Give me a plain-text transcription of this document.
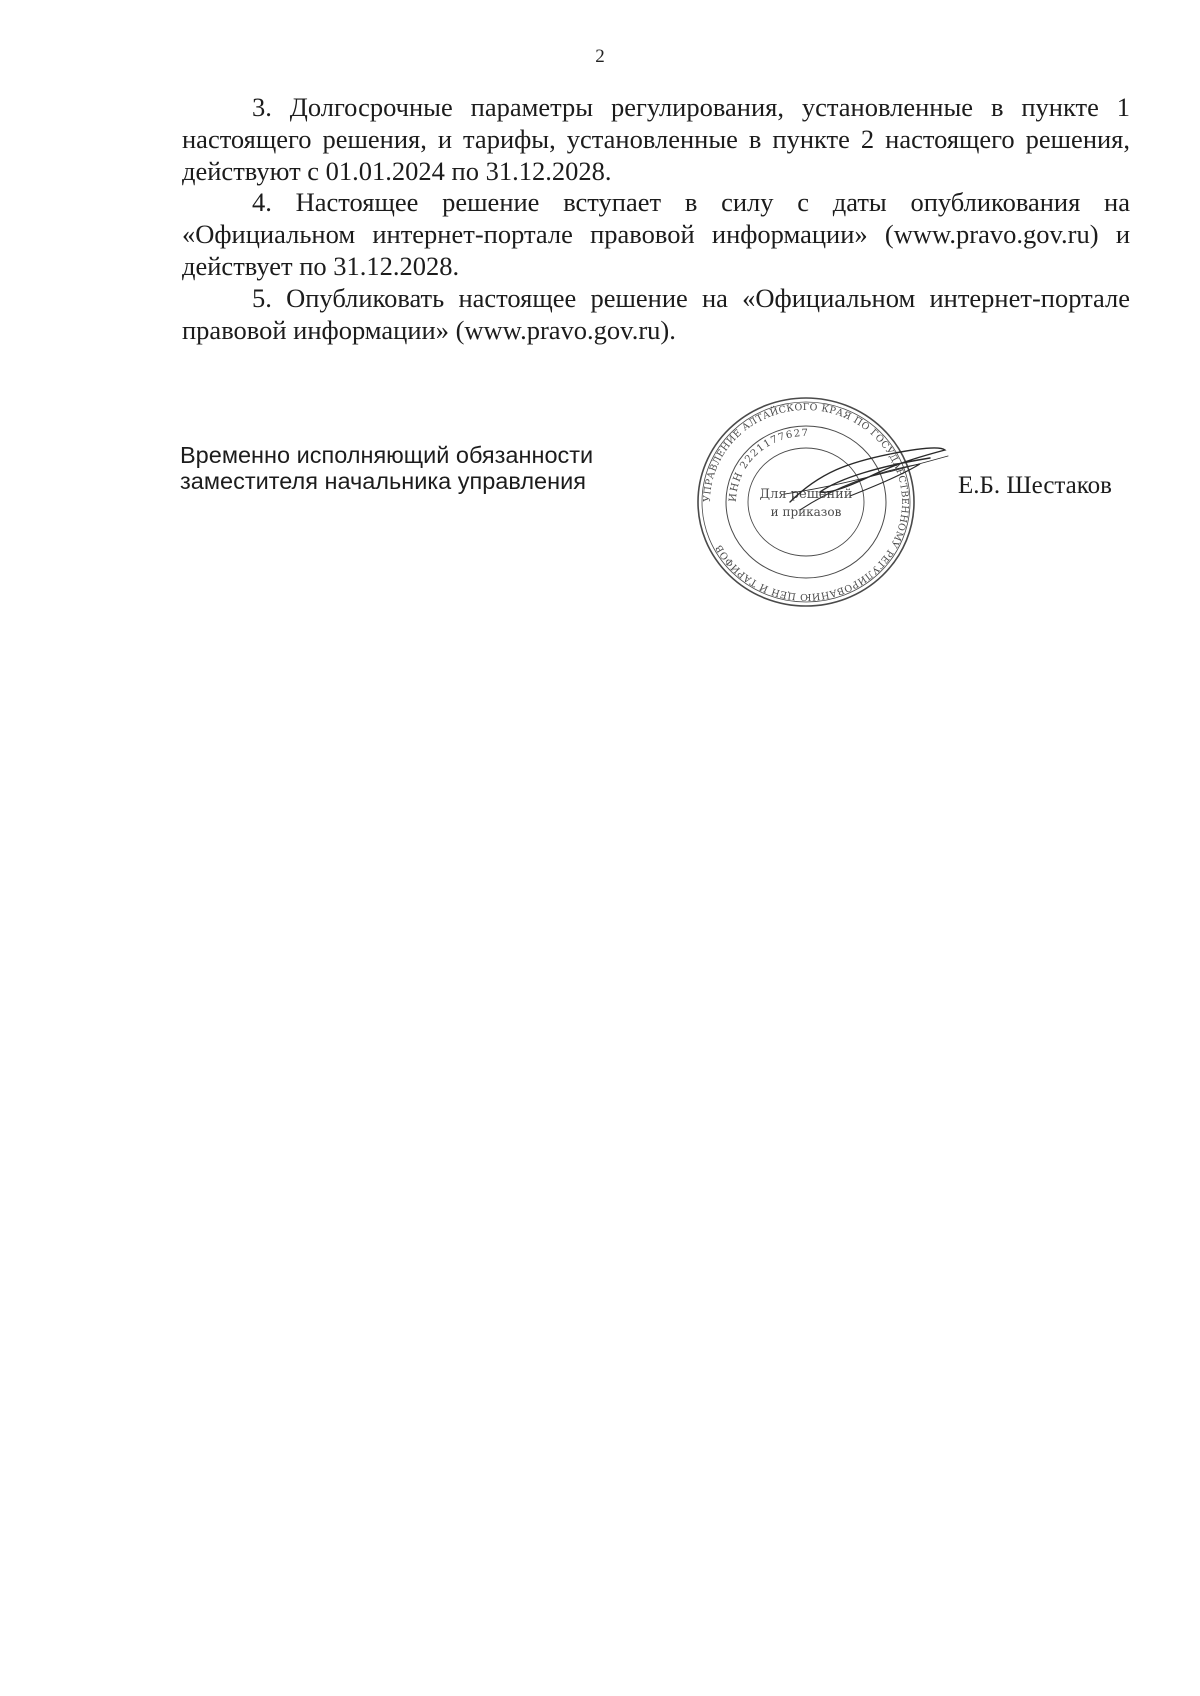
2

3. Долгосрочные параметры регулирования, установленные в пункте 1 настоящего решения, и тарифы, установленные в пункте 2 настоящего решения, действуют с 01.01.2024 по 31.12.2028.

4. Настоящее решение вступает в силу с даты опубликования на «Официальном интернет-портале правовой информации» (www.pravo.gov.ru) и действует по 31.12.2028.

5. Опубликовать настоящее решение на «Официальном интернет-портале правовой информации» (www.pravo.gov.ru).

Временно исполняющий обязанности
заместителя начальника управления
УПРАВЛЕНИЕ АЛТАЙСКОГО КРАЯ ПО ГОСУДАРСТВЕННОМУ РЕГУЛИРОВАНИЮ ЦЕН И ТАРИФОВ
ИНН 2221177627
Для решений
и приказов
Е.Б. Шестаков
